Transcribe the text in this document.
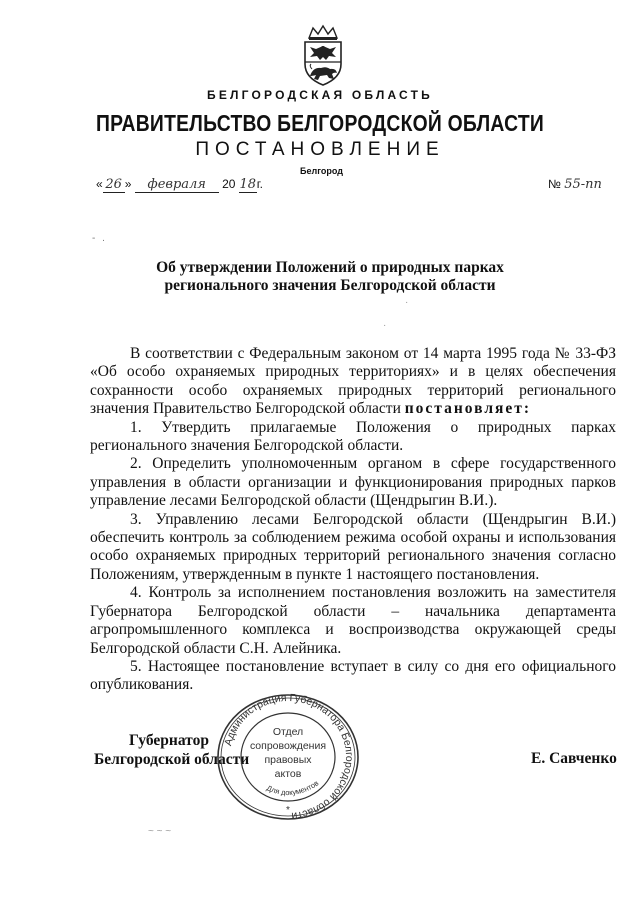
БЕЛГОРОДСКАЯ ОБЛАСТЬ
ПРАВИТЕЛЬСТВО БЕЛГОРОДСКОЙ ОБЛАСТИ
ПОСТАНОВЛЕНИЕ
Белгород
« 26 » февраля 20 18г.	№ 55-пп
- .
Об утверждении Положений о природных парках
регионального значения Белгородской области

В соответствии с Федеральным законом от 14 марта 1995 года № 33-ФЗ «Об особо охраняемых природных территориях» и в целях обеспечения сохранности особо охраняемых природных территорий регионального значения Правительство Белгородской области постановляет:

1. Утвердить прилагаемые Положения о природных парках регионального значения Белгородской области.

2. Определить уполномоченным органом в сфере государственного управления в области организации и функционирования природных парков управление лесами Белгородской области (Щендрыгин В.И.).

3. Управлению лесами Белгородской области (Щендрыгин В.И.) обеспечить контроль за соблюдением режима особой охраны и использования особо охраняемых природных территорий регионального значения согласно Положениям, утвержденным в пункте 1 настоящего постановления.

4. Контроль за исполнением постановления возложить на заместителя Губернатора Белгородской области – начальника департамента агропромышленного комплекса и воспроизводства окружающей среды Белгородской области С.Н. Алейника.

5. Настоящее постановление вступает в силу со дня его официального опубликования.

Губернатор
Белгородской области	Е. Савченко
Администрация Губернатора Белгородской области
Для документов
Отдел
сопровождения
правовых
актов
*
·
·
~ ~ ~
